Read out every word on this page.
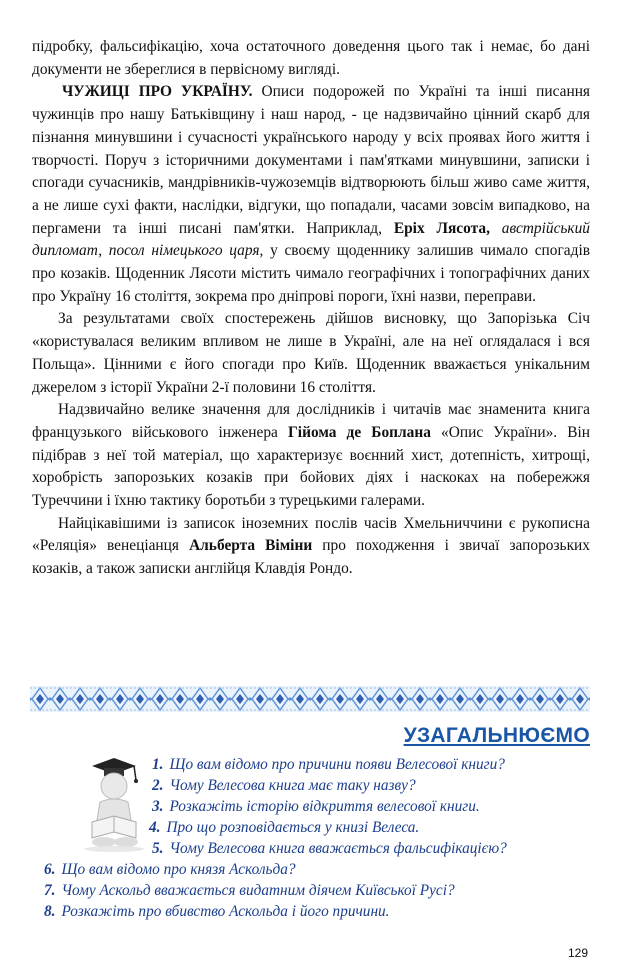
підробку, фальсифікацію, хоча остаточного доведення цього так і немає, бо дані документи не збереглися в первісному вигляді.

ЧУЖИЦІ ПРО УКРАЇНУ. Описи подорожей по Україні та інші писання чужинців про нашу Батьківщину і наш народ, - це надзвичайно цінний скарб для пізнання минувшини і сучасності українського народу у всіх проявах його життя і творчості. Поруч з історичними документами і пам'ятками минувшини, записки і спогади сучасників, мандрівників-чужоземців відтворюють більш живо саме життя, а не лише сухі факти, наслідки, відгуки, що попадали, часами зовсім випадково, на пергамени та інші писані пам'ятки. Наприклад, Еріх Лясота, австрійський дипломат, посол німецького царя, у своєму щоденнику залишив чимало спогадів про козаків. Щоденник Лясоти містить чимало географічних і топографічних даних про Україну 16 століття, зокрема про дніпрові пороги, їхні назви, переправи.

За результатами своїх спостережень дійшов висновку, що Запорізька Січ «користувалася великим впливом не лише в Україні, але на неї оглядалася і вся Польща». Цінними є його спогади про Київ. Щоденник вважається унікальним джерелом з історії України 2-ї половини 16 століття.

Надзвичайно велике значення для дослідників і читачів має знаменита книга французького військового інженера Гійома де Боплана «Опис України». Він підібрав з неї той матеріал, що характеризує воєнний хист, дотепність, хитрощі, хоробрість запорозьких козаків при бойових діях і наскоках на побережжя Туреччини і їхню тактику боротьби з турецькими галерами.

Найцікавішими із записок іноземних послів часів Хмельниччини є рукописна «Реляція» венеціанця Альберта Віміни про походження і звичаї запорозьких козаків, а також записки англійця Клавдія Рондо.

УЗАГАЛЬНЮЄМО
1. Що вам відомо про причини появи Велесової книги?
2. Чому Велесова книга має таку назву?
3. Розкажіть історію відкриття велесової книги.
4. Про що розповідається у книзі Велеса.
5. Чому Велесова книга вважається фальсифікацією?
6. Що вам відомо про князя Аскольда?
7. Чому Аскольд вважається видатним діячем Київської Русі?
8. Розкажіть про вбивство Аскольда і його причини.
129
